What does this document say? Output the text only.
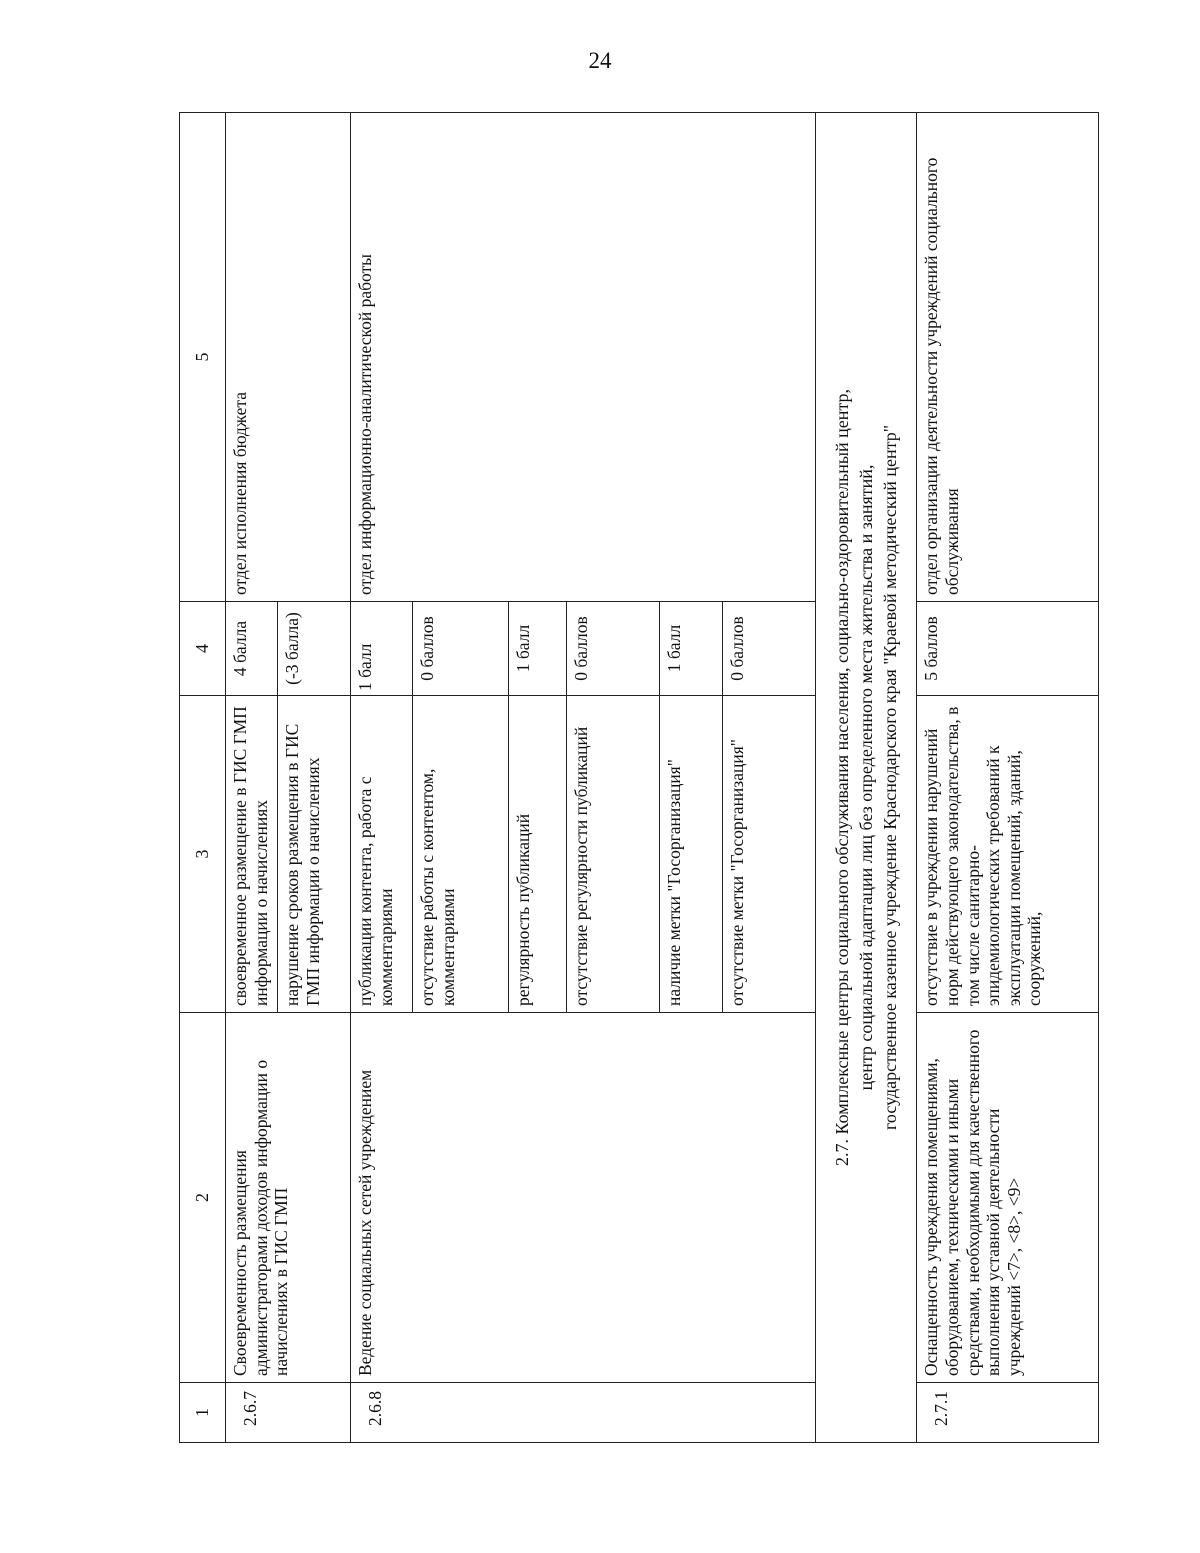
24
1	2	3	4	5
2.6.7	Своевременность размещения администраторами доходов информации о начислениях в ГИС ГМП	своевременное размещение в ГИС ГМП информации о начислениях	4 балла	отдел исполнения бюджета
		нарушение сроков размещения в ГИС ГМП информации о начислениях	(-3 балла)	
2.6.8	Ведение социальных сетей учреждением	публикации контента, работа с комментариями	1 балл	отдел информационно-аналитической работы
		отсутствие работы с контентом, комментариями	0 баллов	
		регулярность публикаций	1 балл	
		отсутствие регулярности публикаций	0 баллов	
		наличие метки "Госорганизация"	1 балл	
		отсутствие метки "Госорганизация"	0 баллов	

2.7. Комплексные центры социального обслуживания населения, социально-оздоровительный центр, центр социальной адаптации лиц без определенного места жительства и занятий, государственное казенное учреждение Краснодарского края "Краевой методический центр"				

2.7.1	Оснащенность учреждения помещениями, оборудованием, техническими и иными средствами, необходимыми для качественного выполнения уставной деятельности учреждений <7>, <8>, <9>	отсутствие в учреждении нарушений норм действующего законодательства, в том числе санитарно-эпидемиологических требований к эксплуатации помещений, зданий, сооружений,	5 баллов	отдел организации деятельности учреждений социального обслуживания
